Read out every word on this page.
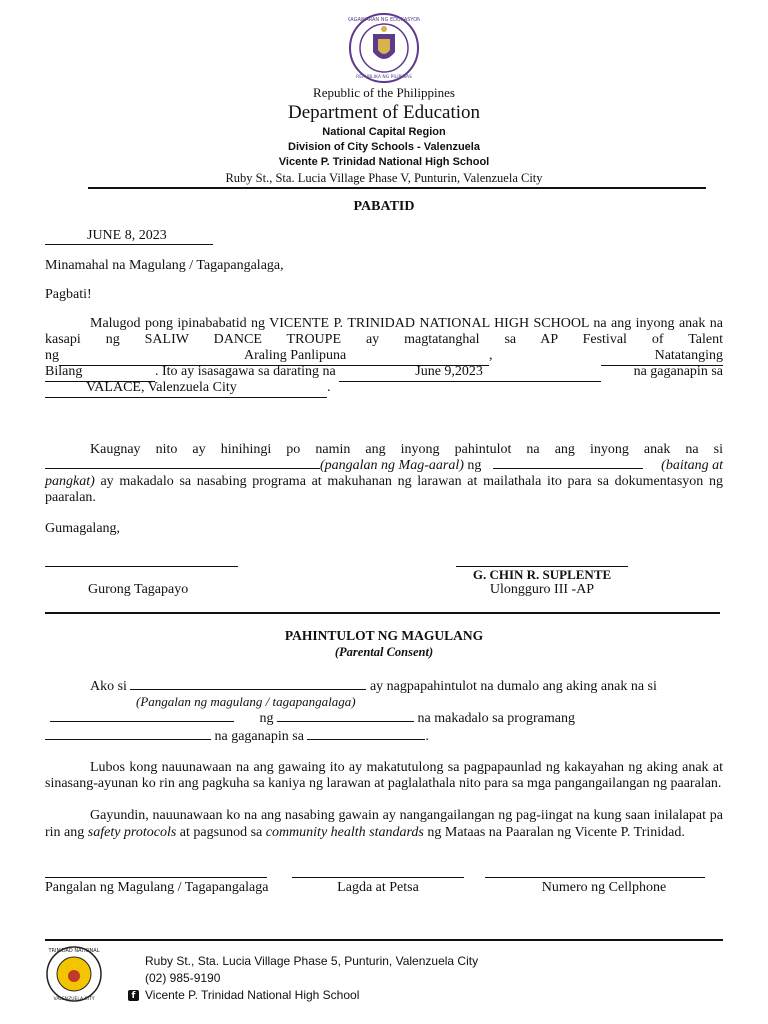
KAGAWARAN NG EDUKASYON
REPUBLIKA NG PILIPINAS
Republic of the Philippines
Department of Education
National Capital Region
Division of City Schools - Valenzuela
Vicente P. Trinidad National High School
Ruby St., Sta. Lucia Village Phase V, Punturin, Valenzuela City
PABATID
JUNE 8, 2023
Minamahal na Magulang / Tagapangalaga,
Pagbati!
Malugod pong ipinababatid ng VICENTE P. TRINIDAD NATIONAL HIGH SCHOOL na ang inyong anak na
kasapi ng SALIW DANCE TROUPE ay magtatanghal sa AP Festival of Talent
ng	Araling Panlipuna	,	Natatanging
Bilang	. Ito ay isasagawa sa darating na	June 9,2023	na gaganapin sa
VALACE, Valenzuela City	.
Kaugnay nito ay hinihingi po namin ang inyong pahintulot na ang inyong anak na si
(pangalan ng Mag-aaral) ng	(baitang at
pangkat) ay makadalo sa nasabing programa at makuhanan ng larawan at mailathala ito para sa dokumentasyon ng
paaralan.
Gumagalang,
Gurong Tagapayo
G. CHIN R. SUPLENTE
Ulongguro III -AP
PAHINTULOT NG MAGULANG
(Parental Consent)
Ako si	ay nagpapahintulot na dumalo ang aking anak na si
(Pangalan ng magulang / tagapangalaga)
ng	na makadalo sa programang
na gaganapin sa	.
Lubos kong nauunawaan na ang gawaing ito ay makatutulong sa pagpapaunlad ng kakayahan ng aking anak at
sinasang-ayunan ko rin ang pagkuha sa kaniya ng larawan at paglalathala nito para sa mga pangangailangan ng paaralan.
Gayundin, nauunawaan ko na ang nasabing gawain ay nangangailangan ng pag-iingat na kung saan inilalapat pa
rin ang safety protocols at pagsunod sa community health standards ng Mataas na Paaralan ng Vicente P. Trinidad.
Pangalan ng Magulang / Tagapangalaga	Lagda at Petsa	Numero ng Cellphone
TRINIDAD NATIONAL
VALENZUELA CITY
Ruby St., Sta. Lucia Village Phase 5, Punturin, Valenzuela City
(02) 985-9190
f Vicente P. Trinidad National High School
